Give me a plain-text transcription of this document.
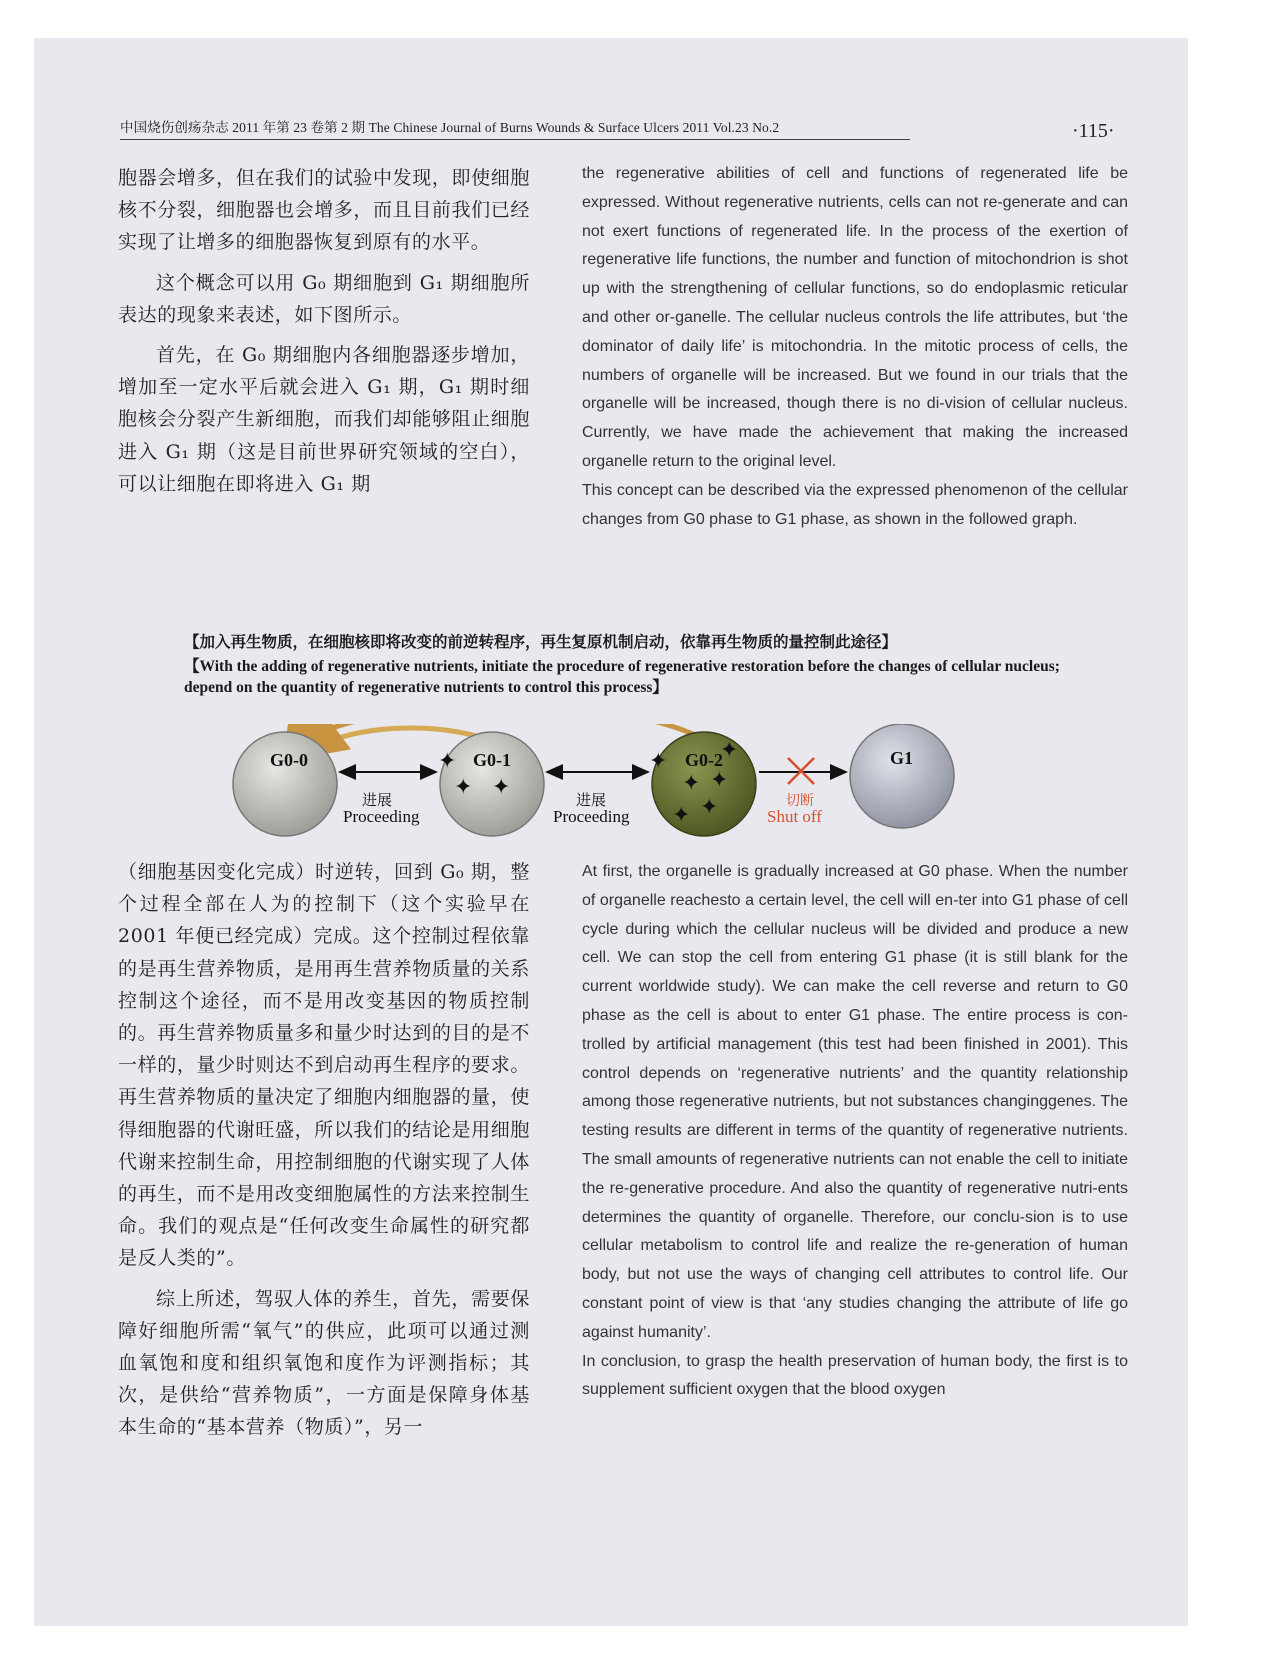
中国烧伤创疡杂志 2011 年第 23 卷第 2 期 The Chinese Journal of Burns Wounds & Surface Ulcers 2011 Vol.23 No.2	·115·

胞器会增多，但在我们的试验中发现，即使细胞核不分裂，细胞器也会增多，而且目前我们已经实现了让增多的细胞器恢复到原有的水平。

这个概念可以用 G₀ 期细胞到 G₁ 期细胞所表达的现象来表述，如下图所示。

首先，在 G₀ 期细胞内各细胞器逐步增加，增加至一定水平后就会进入 G₁ 期，G₁ 期时细胞核会分裂产生新细胞，而我们却能够阻止细胞进入 G₁ 期（这是目前世界研究领域的空白），可以让细胞在即将进入 G₁ 期

the regenerative abilities of cell and functions of regenerated life be expressed. Without regenerative nutrients, cells can not re-generate and can not exert functions of regenerated life. In the process of the exertion of regenerative life functions, the number and function of mitochondrion is shot up with the strengthening of cellular functions, so do endoplasmic reticular and other or-ganelle. The cellular nucleus controls the life attributes, but ‘the dominator of daily life’ is mitochondria. In the mitotic process of cells, the numbers of organelle will be increased. But we found in our trials that the organelle will be increased, though there is no di-vision of cellular nucleus. Currently, we have made the achievement that making the increased organelle return to the original level.

This concept can be described via the expressed phenomenon of the cellular changes from G0 phase to G1 phase, as shown in the followed graph.

【加入再生物质，在细胞核即将改变的前逆转程序，再生复原机制启动，依靠再生物质的量控制此途径】
【With the adding of regenerative nutrients, initiate the procedure of regenerative restoration before the changes of cellular nucleus; depend on the quantity of regenerative nutrients to control this process】
G0-0	G0-1
✦
✦ ✦
G0-2
✦ ✦
✦ ✦
✦
✦
G1
进展
Proceeding
进展
Proceeding
切断
Shut off

（细胞基因变化完成）时逆转，回到 G₀ 期，整个过程全部在人为的控制下（这个实验早在 2001 年便已经完成）完成。这个控制过程依靠的是再生营养物质，是用再生营养物质量的关系控制这个途径，而不是用改变基因的物质控制的。再生营养物质量多和量少时达到的目的是不一样的，量少时则达不到启动再生程序的要求。再生营养物质的量决定了细胞内细胞器的量，使得细胞器的代谢旺盛，所以我们的结论是用细胞代谢来控制生命，用控制细胞的代谢实现了人体的再生，而不是用改变细胞属性的方法来控制生命。我们的观点是“任何改变生命属性的研究都是反人类的”。

综上所述，驾驭人体的养生，首先，需要保障好细胞所需“氧气”的供应，此项可以通过测血氧饱和度和组织氧饱和度作为评测指标；其次，是供给“营养物质”，一方面是保障身体基本生命的“基本营养（物质）”，另一

At first, the organelle is gradually increased at G0 phase. When the number of organelle reachesto a certain level, the cell will en-ter into G1 phase of cell cycle during which the cellular nucleus will be divided and produce a new cell. We can stop the cell from entering G1 phase (it is still blank for the current worldwide study). We can make the cell reverse and return to G0 phase as the cell is about to enter G1 phase. The entire process is con-trolled by artificial management (this test had been finished in 2001). This control depends on ‘regenerative nutrients’ and the quantity relationship among those regenerative nutrients, but not substances changinggenes. The testing results are different in terms of the quantity of regenerative nutrients. The small amounts of regenerative nutrients can not enable the cell to initiate the re-generative procedure. And also the quantity of regenerative nutri-ents determines the quantity of organelle. Therefore, our conclu-sion is to use cellular metabolism to control life and realize the re-generation of human body, but not use the ways of changing cell attributes to control life. Our constant point of view is that ‘any studies changing the attribute of life go against humanity’.

In conclusion, to grasp the health preservation of human body, the first is to supplement sufficient oxygen that the blood oxygen
